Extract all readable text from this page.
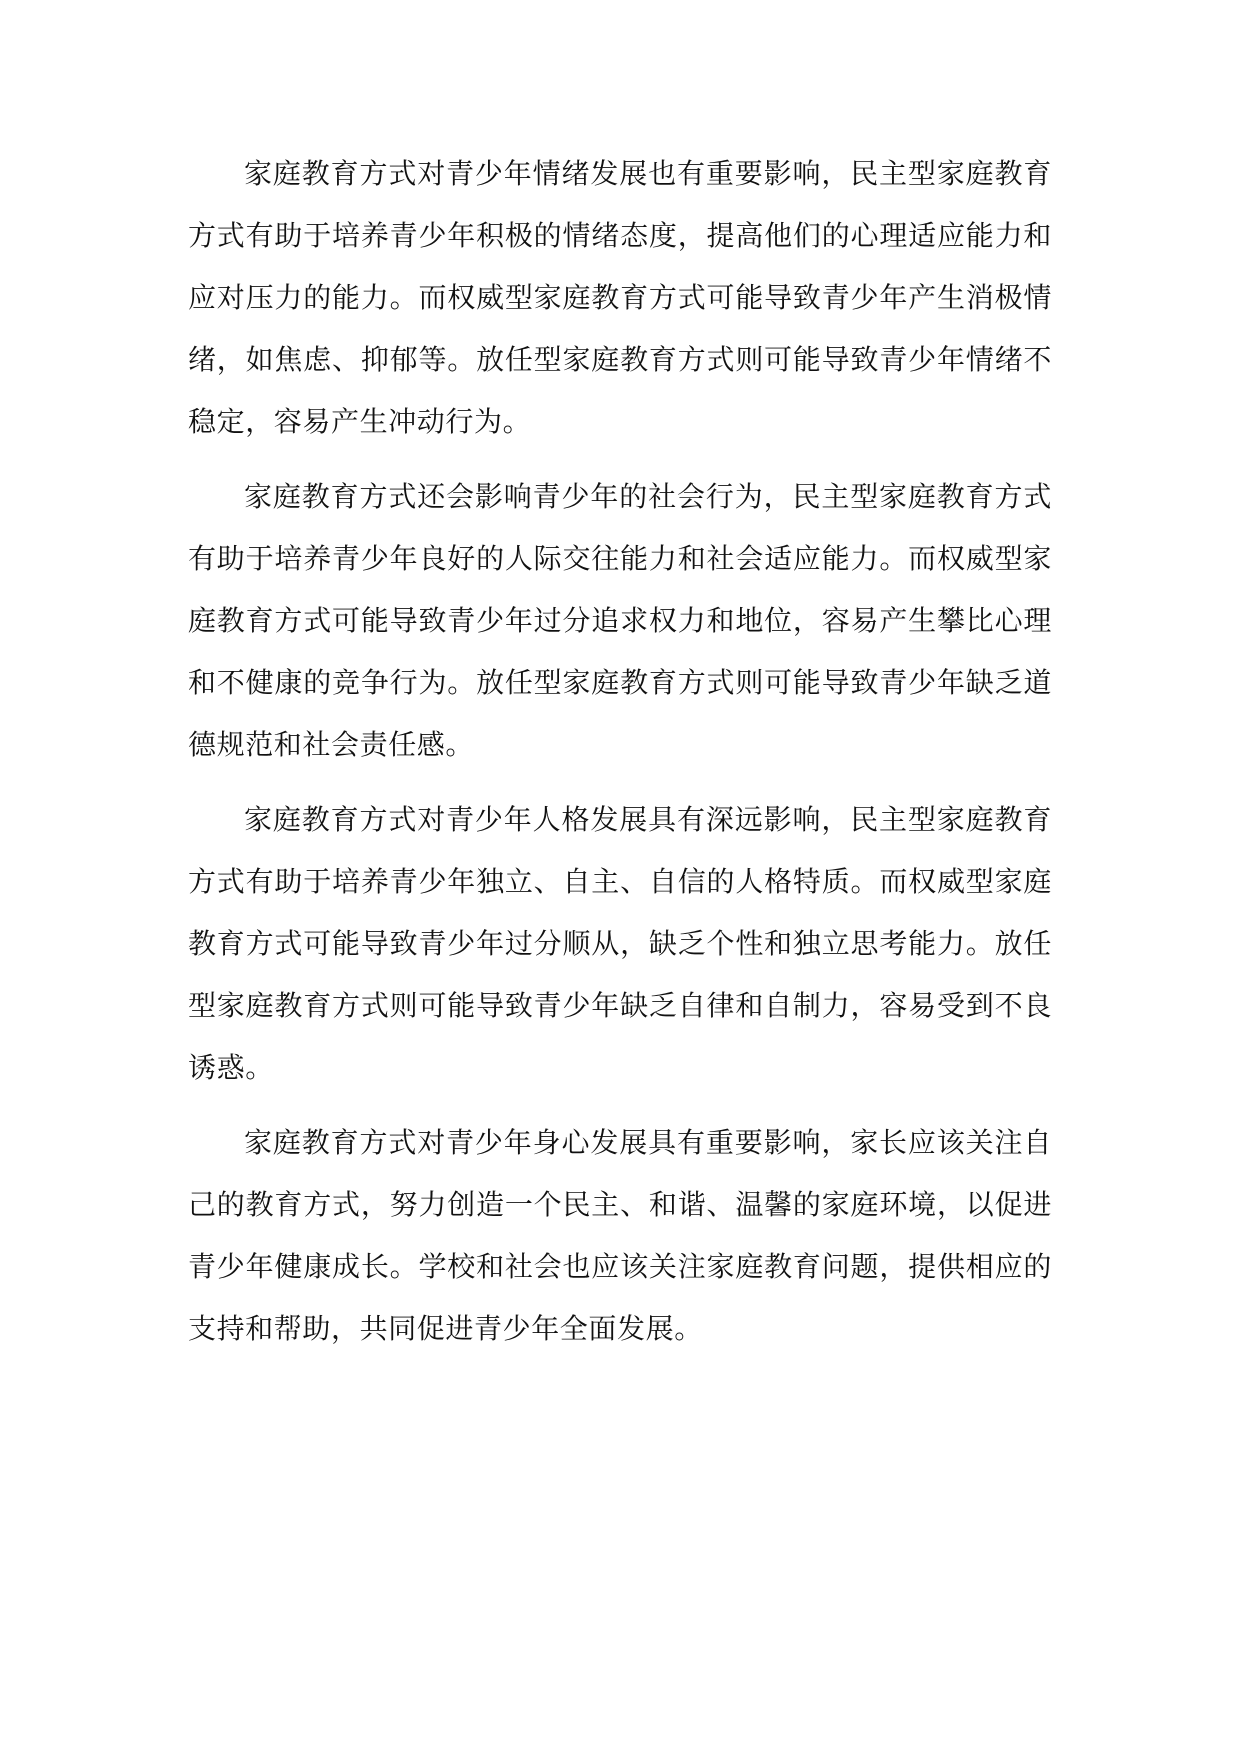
家庭教育方式对青少年情绪发展也有重要影响，民主型家庭教育方式有助于培养青少年积极的情绪态度，提高他们的心理适应能力和应对压力的能力。而权威型家庭教育方式可能导致青少年产生消极情绪，如焦虑、抑郁等。放任型家庭教育方式则可能导致青少年情绪不稳定，容易产生冲动行为。

家庭教育方式还会影响青少年的社会行为，民主型家庭教育方式有助于培养青少年良好的人际交往能力和社会适应能力。而权威型家庭教育方式可能导致青少年过分追求权力和地位，容易产生攀比心理和不健康的竞争行为。放任型家庭教育方式则可能导致青少年缺乏道德规范和社会责任感。

家庭教育方式对青少年人格发展具有深远影响，民主型家庭教育方式有助于培养青少年独立、自主、自信的人格特质。而权威型家庭教育方式可能导致青少年过分顺从，缺乏个性和独立思考能力。放任型家庭教育方式则可能导致青少年缺乏自律和自制力，容易受到不良诱惑。

家庭教育方式对青少年身心发展具有重要影响，家长应该关注自己的教育方式，努力创造一个民主、和谐、温馨的家庭环境，以促进青少年健康成长。学校和社会也应该关注家庭教育问题，提供相应的支持和帮助，共同促进青少年全面发展。
